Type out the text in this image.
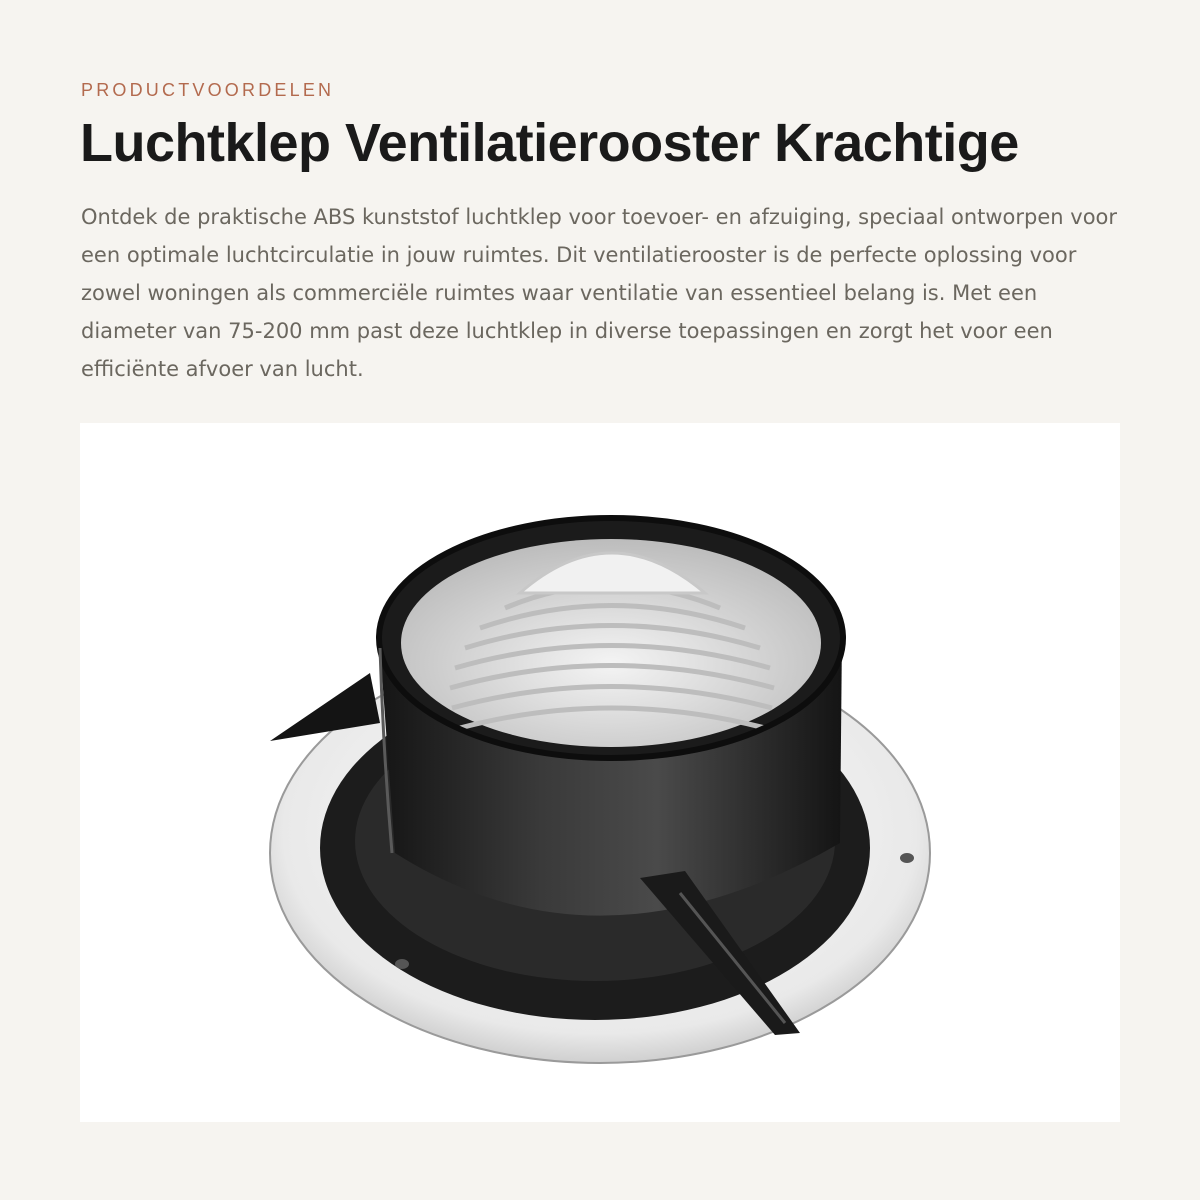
PRODUCTVOORDELEN
Luchtklep Ventilatierooster Krachtige
Ontdek de praktische ABS kunststof luchtklep voor toevoer- en afzuiging, speciaal ontworpen voor een optimale luchtcirculatie in jouw ruimtes. Dit ventilatierooster is de perfecte oplossing voor zowel woningen als commerciële ruimtes waar ventilatie van essentieel belang is. Met een diameter van 75-200 mm past deze luchtklep in diverse toepassingen en zorgt het voor een efficiënte afvoer van lucht.
